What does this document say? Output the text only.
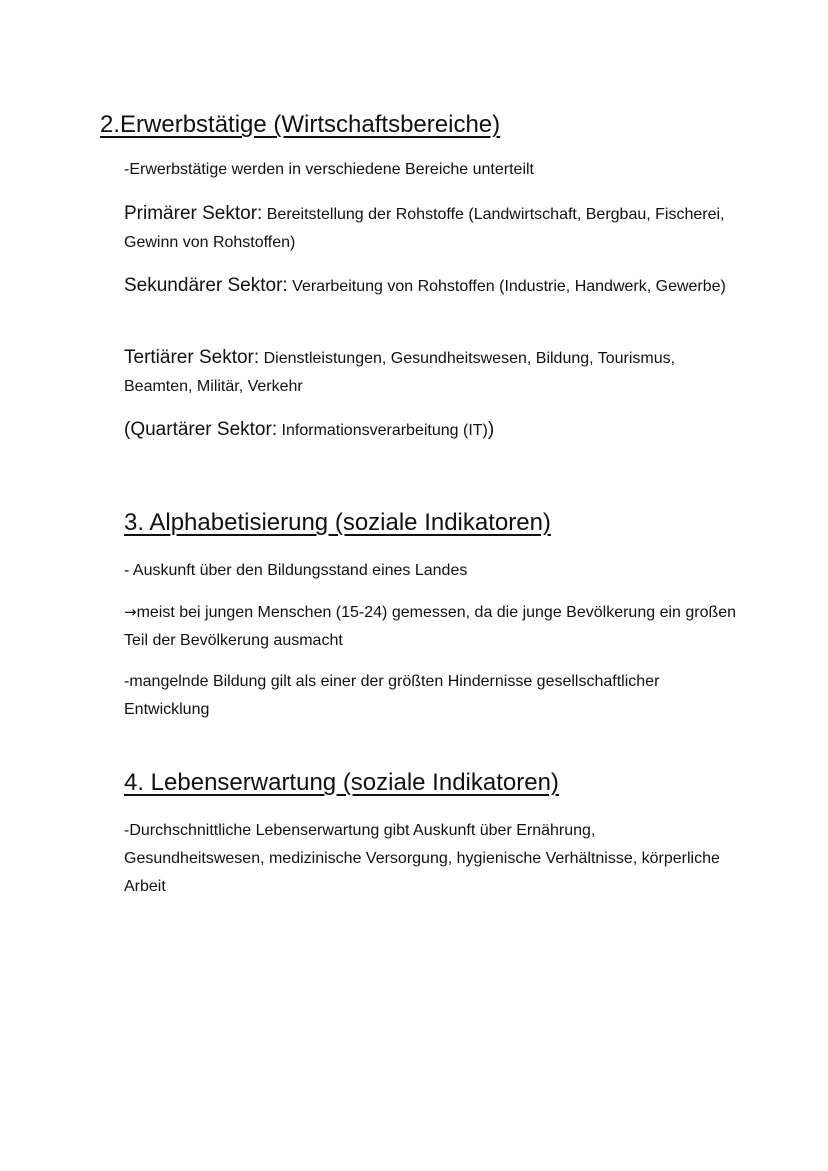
2.Erwerbstätige (Wirtschaftsbereiche)

-Erwerbstätige werden in verschiedene Bereiche unterteilt

Primärer Sektor: Bereitstellung der Rohstoffe (Landwirtschaft, Bergbau, Fischerei, Gewinn von Rohstoffen)

Sekundärer Sektor: Verarbeitung von Rohstoffen (Industrie, Handwerk, Gewerbe)

Tertiärer Sektor: Dienstleistungen, Gesundheitswesen, Bildung, Tourismus, Beamten, Militär, Verkehr

(Quartärer Sektor: Informationsverarbeitung (IT))

3. Alphabetisierung (soziale Indikatoren)

- Auskunft über den Bildungsstand eines Landes

→meist bei jungen Menschen (15-24) gemessen, da die junge Bevölkerung ein großen Teil der Bevölkerung ausmacht

-mangelnde Bildung gilt als einer der größten Hindernisse gesellschaftlicher Entwicklung

4. Lebenserwartung (soziale Indikatoren)

-Durchschnittliche Lebenserwartung gibt Auskunft über Ernährung, Gesundheitswesen, medizinische Versorgung, hygienische Verhältnisse, körperliche Arbeit
